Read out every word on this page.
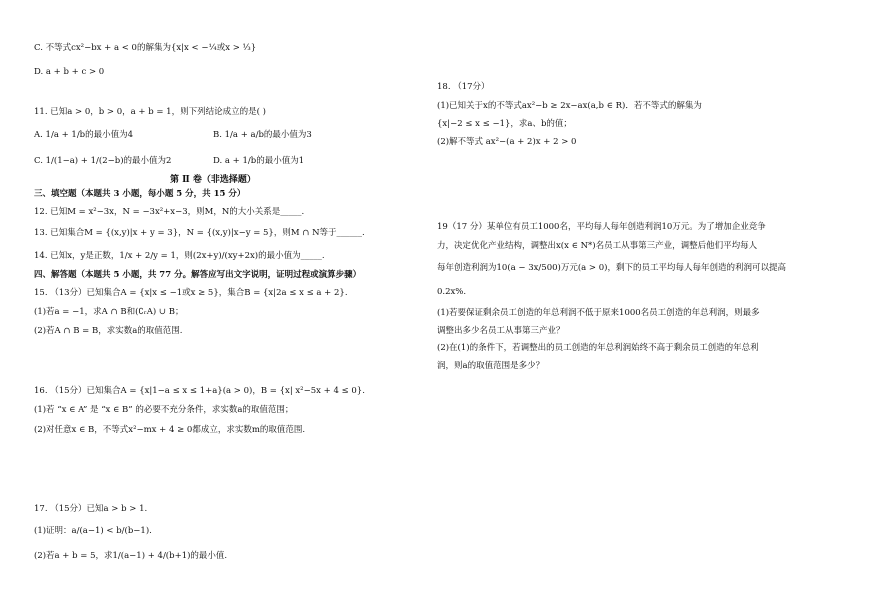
C. 不等式cx²−bx + a < 0的解集为{x|x < −¼或x > ⅓}
D. a + b + c > 0
11. 已知a > 0，b > 0，a + b = 1，则下列结论成立的是( )
A. 1/a + 1/b的最小值为4	B. 1/a + a/b的最小值为3
C. 1/(1−a) + 1/(2−b)的最小值为2	D. a + 1/b的最小值为1
第 Ⅱ 卷（非选择题）
三、填空题（本题共 3 小题，每小题 5 分，共 15 分）
12. 已知M = x²−3x，N = −3x²+x−3，则M，N的大小关系是_____.
13. 已知集合M = {(x,y)|x + y = 3}，N = {(x,y)|x−y = 5}，则M ∩ N等于______.
14. 已知x，y是正数，1/x + 2/y = 1，则(2x+y)/(xy+2x)的最小值为_____.
四、解答题（本题共 5 小题，共 77 分。解答应写出文字说明，证明过程或演算步骤）
15. （13分）已知集合A = {x|x ≤ −1或x ≥ 5}，集合B = {x|2a ≤ x ≤ a + 2}.
(1)若a = −1，求A ∩ B和(∁ᵣA) ∪ B；
(2)若A ∩ B = B，求实数a的取值范围.
16. （15分）已知集合A = {x|1−a ≤ x ≤ 1+a}(a > 0)，B = {x| x²−5x + 4 ≤ 0}.
(1)若 “x ∈ A” 是 “x ∈ B” 的必要不充分条件，求实数a的取值范围；
(2)对任意x ∈ B，不等式x²−mx + 4 ≥ 0都成立，求实数m的取值范围.
17. （15分）已知a > b > 1.
(1)证明：a/(a−1) < b/(b−1).
(2)若a + b = 5，求1/(a−1) + 4/(b+1)的最小值.
18. （17分）
(1)已知关于x的不等式ax²−b ≥ 2x−ax(a,b ∈ R)．若不等式的解集为
{x|−2 ≤ x ≤ −1}，求a、b的值；
(2)解不等式 ax²−(a + 2)x + 2 > 0
19（17 分）某单位有员工1000名，平均每人每年创造利润10万元。为了增加企业竞争
力，决定优化产业结构，调整出x(x ∈ N*)名员工从事第三产业，调整后他们平均每人
每年创造利润为10(a − 3x/500)万元(a > 0)，剩下的员工平均每人每年创造的利润可以提高
0.2x%.
(1)若要保证剩余员工创造的年总利润不低于原来1000名员工创造的年总利润，则最多
调整出多少名员工从事第三产业？
(2)在(1)的条件下，若调整出的员工创造的年总利润始终不高于剩余员工创造的年总利
润，则a的取值范围是多少？
